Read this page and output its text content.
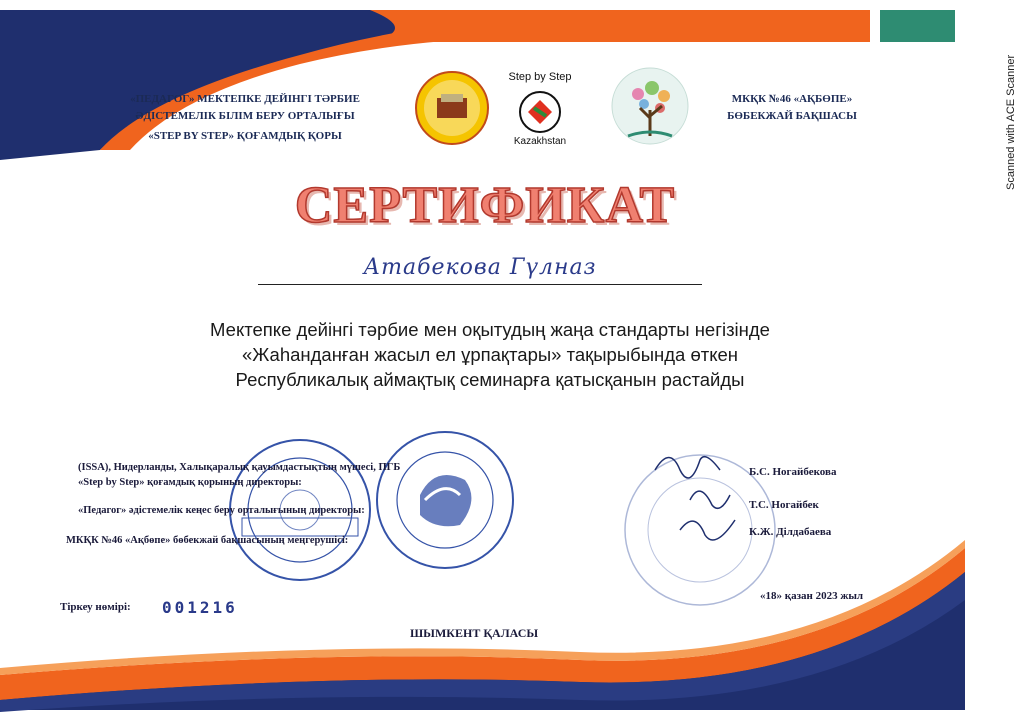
«ПЕДАГОГ» МЕКТЕПКЕ ДЕЙІНГІ ТӘРБИЕ
ӘДІСТЕМЕЛІК БІЛІМ БЕРУ ОРТАЛЫҒЫ
«STEP BY STEP» ҚОҒАМДЫҚ ҚОРЫ
Step by Step
Kazakhstan
МКҚК №46 «АҚБӨПЕ»
БӨБЕКЖАЙ БАҚШАСЫ
СЕРТИФИКАТ
Атабекова Гүлназ
Мектепке дейінгі тәрбие мен оқытудың жаңа стандарты негізінде
«Жаһанданған жасыл ел ұрпақтары» тақырыбында өткен
Республикалық аймақтық семинарға қатысқанын растайды
(ISSA), Нидерланды, Халықаралық қауымдастықтың мүшесі, ПГБ
«Step by Step» қоғамдық қорының директоры:
«Педагог» әдістемелік кеңес беру орталығының директоры:
МКҚК №46 «Ақбөпе» бөбекжай бақшасының меңгерушісі:
Б.С. Ногайбекова
Т.С. Ногайбек
К.Ж. Ділдабаева
Тіркеу нөмірі: 001216
«18» қазан 2023 жыл
ШЫМКЕНТ ҚАЛАСЫ
Scanned with ACE Scanner
